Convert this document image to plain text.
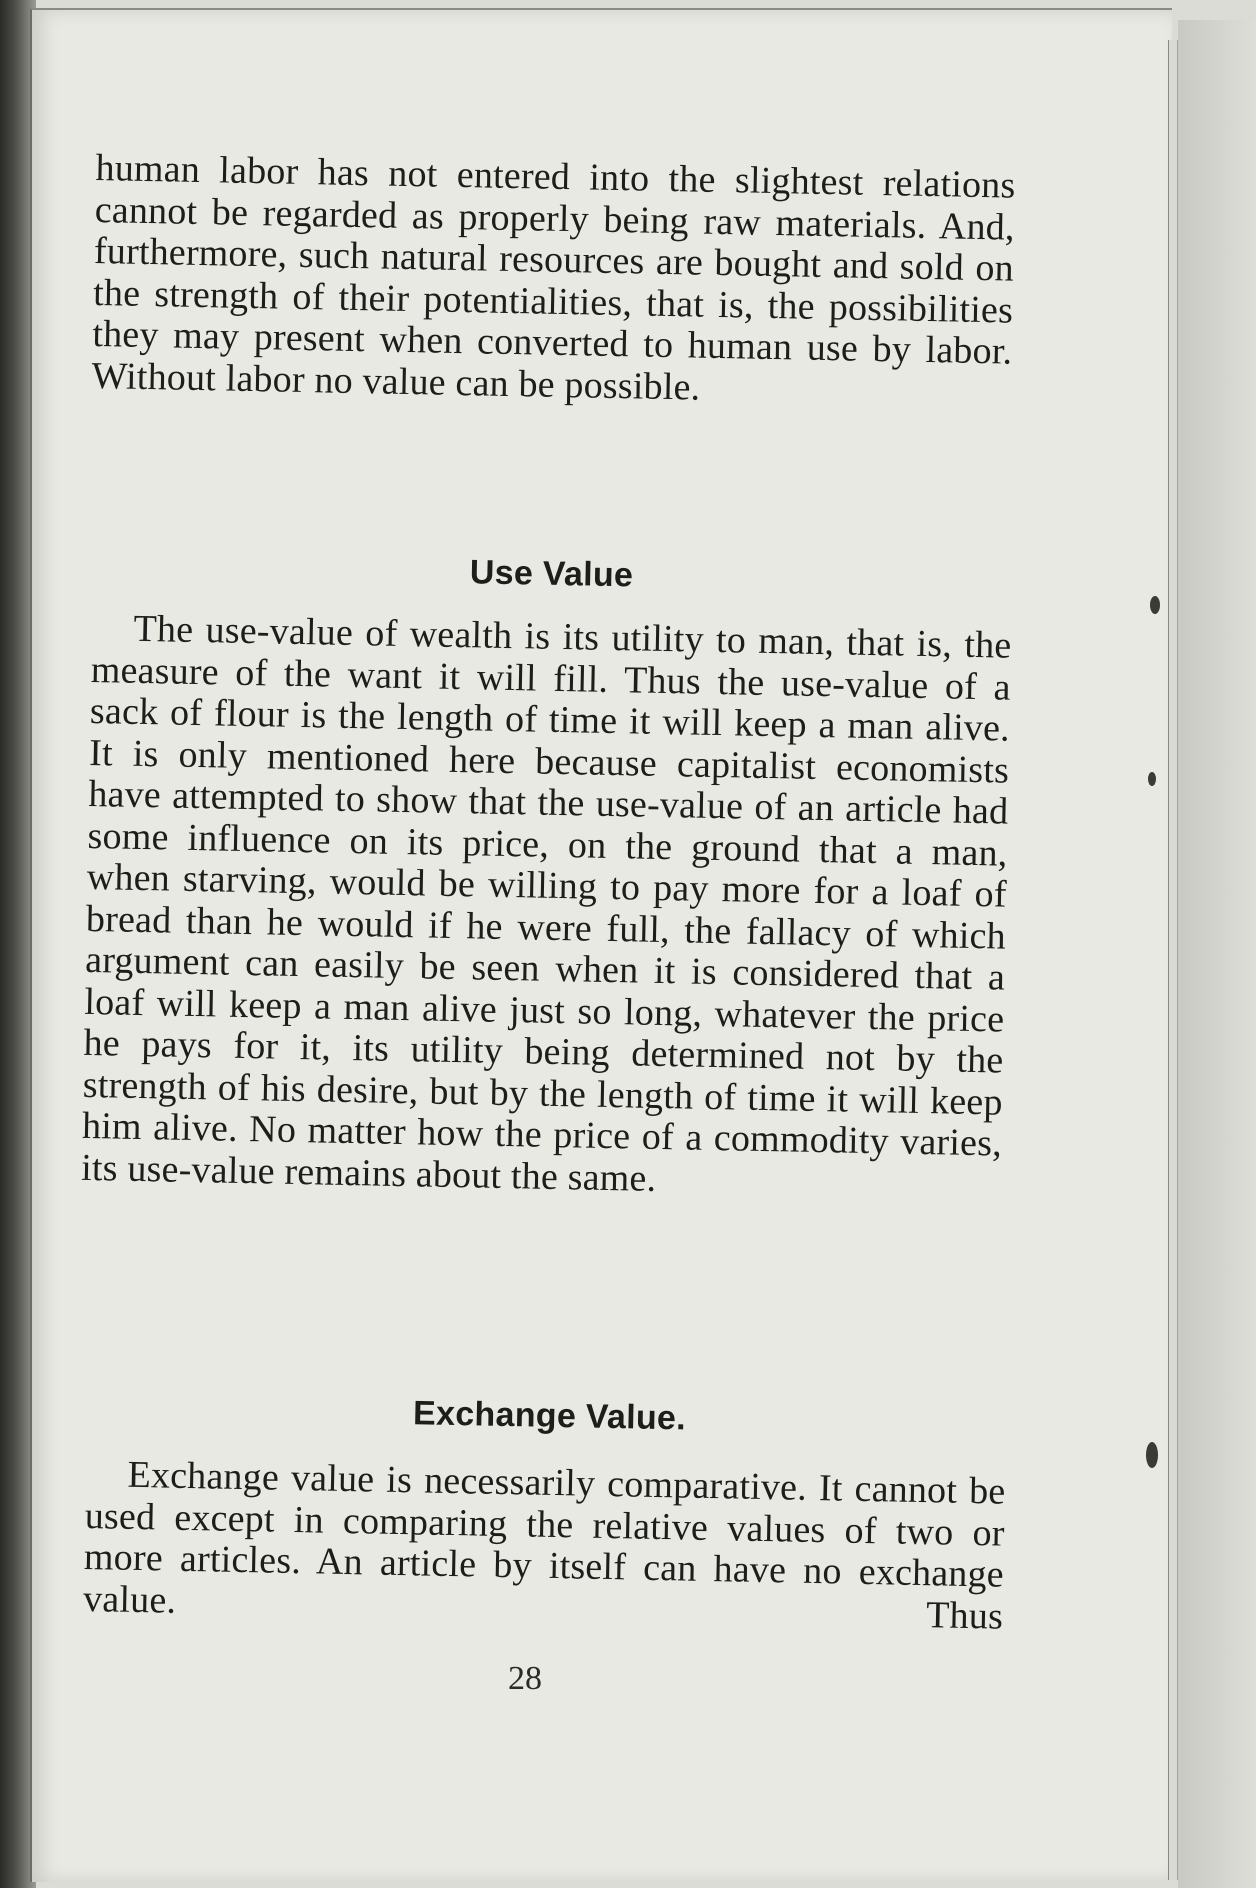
human labor has not entered into the slightest relations cannot be regarded as properly being raw materials. And, furthermore, such natural resources are bought and sold on the strength of their potentialities, that is, the possibilities they may present when converted to human use by labor. Without labor no value can be possible.

Use Value

The use-value of wealth is its utility to man, that is, the measure of the want it will fill. Thus the use-value of a sack of flour is the length of time it will keep a man alive. It is only mentioned here because capitalist economists have attempted to show that the use-value of an article had some influence on its price, on the ground that a man, when starving, would be willing to pay more for a loaf of bread than he would if he were full, the fallacy of which argument can easily be seen when it is considered that a loaf will keep a man alive just so long, whatever the price he pays for it, its utility being determined not by the strength of his desire, but by the length of time it will keep him alive. No matter how the price of a commodity varies, its use-value remains about the same.

Exchange Value.

Exchange value is necessarily comparative. It cannot be used except in comparing the relative values of two or more articles. An article by itself can have no exchange value. Thus

28
